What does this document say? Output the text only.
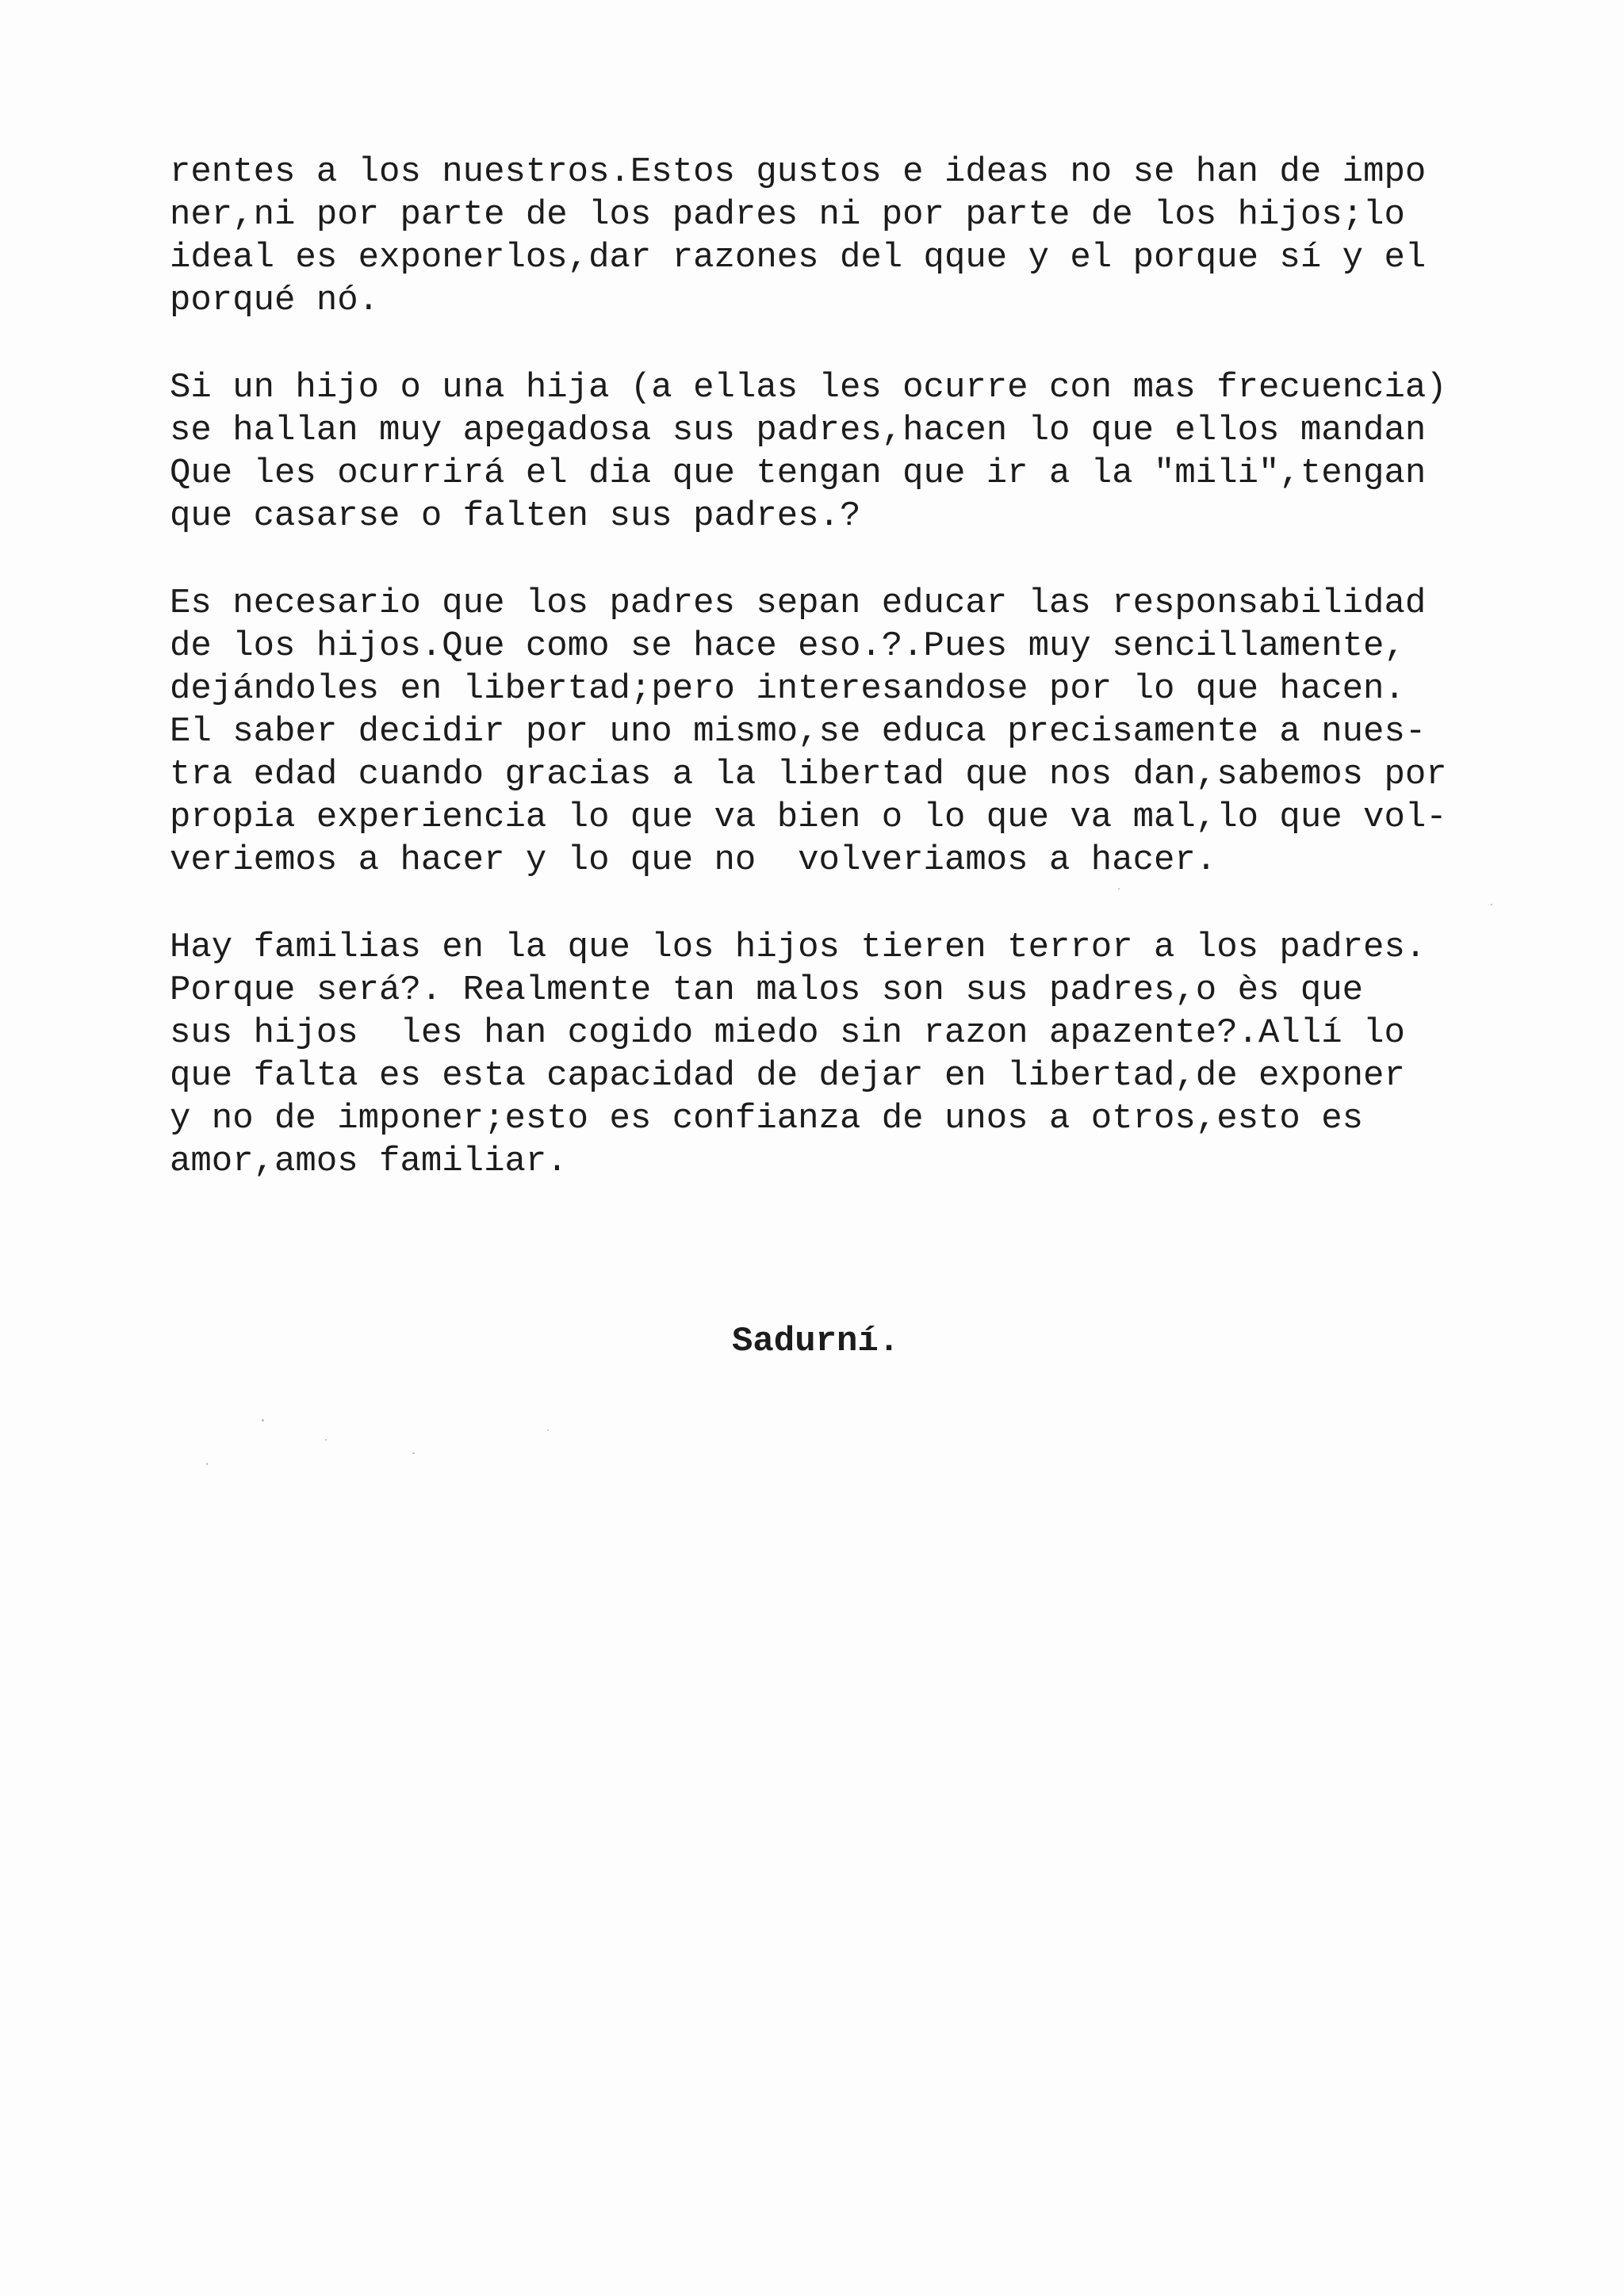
rentes a los nuestros.Estos gustos e ideas no se han de impo
ner,ni por parte de los padres ni por parte de los hijos;lo
ideal es exponerlos,dar razones del qque y el porque sí y el
porqué nó.
Si un hijo o una hija (a ellas les ocurre con mas frecuencia)
se hallan muy apegadosa sus padres,hacen lo que ellos mandan
Que les ocurrirá el dia que tengan que ir a la "mili",tengan
que casarse o falten sus padres.?
Es necesario que los padres sepan educar las responsabilidad
de los hijos.Que como se hace eso.?.Pues muy sencillamente,
dejándoles en libertad;pero interesandose por lo que hacen.
El saber decidir por uno mismo,se educa precisamente a nues-
tra edad cuando gracias a la libertad que nos dan,sabemos por
propia experiencia lo que va bien o lo que va mal,lo que vol-
veriemos a hacer y lo que no  volveriamos a hacer.
Hay familias en la que los hijos tieren terror a los padres.
Porque será?. Realmente tan malos son sus padres,o ès que
sus hijos  les han cogido miedo sin razon apazente?.Allí lo
que falta es esta capacidad de dejar en libertad,de exponer
y no de imponer;esto es confianza de unos a otros,esto es
amor,amos familiar.
Sadurní.
